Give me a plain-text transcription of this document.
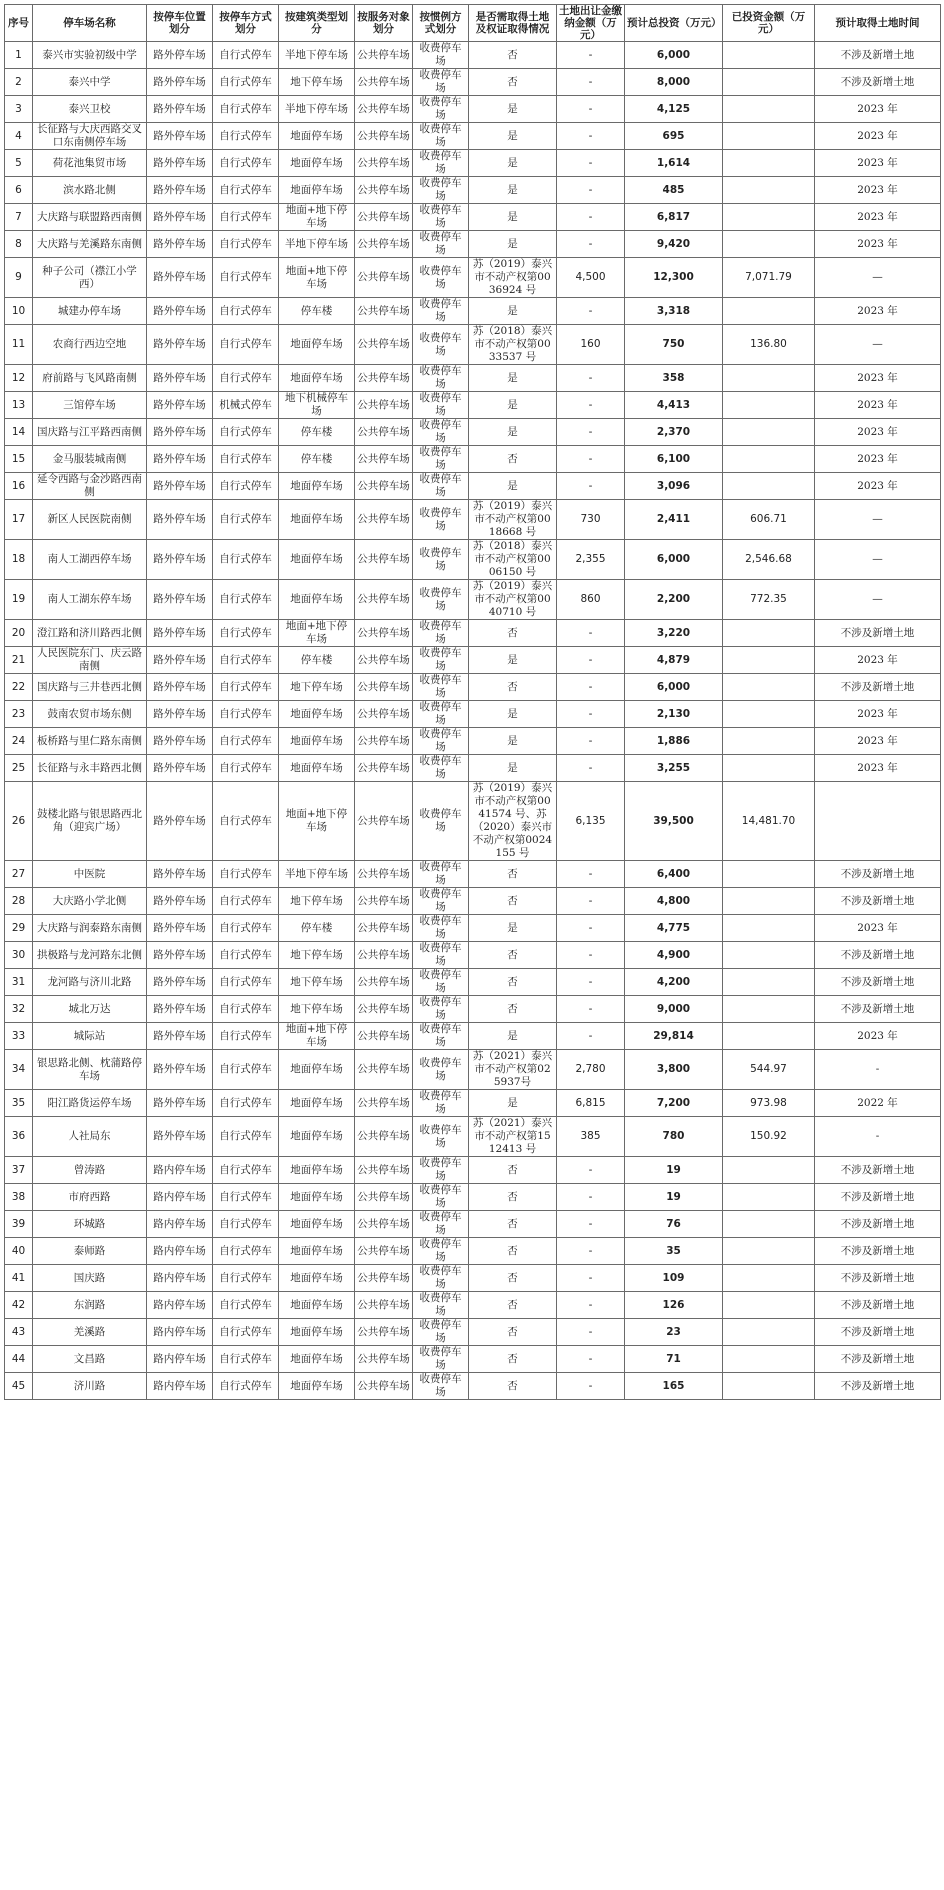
序号	停车场名称	按停车位置划分	按停车方式划分	按建筑类型划分	按服务对象划分	按惯例方式划分	是否需取得土地及权证取得情况	土地出让金缴纳金额（万元）	预计总投资（万元）	已投资金额（万元）	预计取得土地时间
1	泰兴市实验初级中学	路外停车场	自行式停车	半地下停车场	公共停车场	收费停车场	否	-	6,000		不涉及新增土地
2	泰兴中学	路外停车场	自行式停车	地下停车场	公共停车场	收费停车场	否	-	8,000		不涉及新增土地
3	泰兴卫校	路外停车场	自行式停车	半地下停车场	公共停车场	收费停车场	是	-	4,125		2023 年
4	长征路与大庆西路交叉口东南侧停车场	路外停车场	自行式停车	地面停车场	公共停车场	收费停车场	是	-	695		2023 年
5	荷花池集贸市场	路外停车场	自行式停车	地面停车场	公共停车场	收费停车场	是	-	1,614		2023 年
6	滨水路北侧	路外停车场	自行式停车	地面停车场	公共停车场	收费停车场	是	-	485		2023 年
7	大庆路与联盟路西南侧	路外停车场	自行式停车	地面+地下停车场	公共停车场	收费停车场	是	-	6,817		2023 年
8	大庆路与羌溪路东南侧	路外停车场	自行式停车	半地下停车场	公共停车场	收费停车场	是	-	9,420		2023 年
9	种子公司（襟江小学西）	路外停车场	自行式停车	地面+地下停车场	公共停车场	收费停车场	苏（2019）泰兴市不动产权第0036924 号	4,500	12,300	7,071.79	—
10	城建办停车场	路外停车场	自行式停车	停车楼	公共停车场	收费停车场	是	-	3,318		2023 年
11	农商行西边空地	路外停车场	自行式停车	地面停车场	公共停车场	收费停车场	苏（2018）泰兴市不动产权第0033537 号	160	750	136.80	—
12	府前路与飞风路南侧	路外停车场	自行式停车	地面停车场	公共停车场	收费停车场	是	-	358		2023 年
13	三馆停车场	路外停车场	机械式停车	地下机械停车场	公共停车场	收费停车场	是	-	4,413		2023 年
14	国庆路与江平路西南侧	路外停车场	自行式停车	停车楼	公共停车场	收费停车场	是	-	2,370		2023 年
15	金马服装城南侧	路外停车场	自行式停车	停车楼	公共停车场	收费停车场	否	-	6,100		2023 年
16	延令西路与金沙路西南侧	路外停车场	自行式停车	地面停车场	公共停车场	收费停车场	是	-	3,096		2023 年
17	新区人民医院南侧	路外停车场	自行式停车	地面停车场	公共停车场	收费停车场	苏（2019）泰兴市不动产权第0018668 号	730	2,411	606.71	—
18	南人工湖西停车场	路外停车场	自行式停车	地面停车场	公共停车场	收费停车场	苏（2018）泰兴市不动产权第0006150 号	2,355	6,000	2,546.68	—
19	南人工湖东停车场	路外停车场	自行式停车	地面停车场	公共停车场	收费停车场	苏（2019）泰兴市不动产权第0040710 号	860	2,200	772.35	—
20	澄江路和济川路西北侧	路外停车场	自行式停车	地面+地下停车场	公共停车场	收费停车场	否	-	3,220		不涉及新增土地
21	人民医院东门、庆云路南侧	路外停车场	自行式停车	停车楼	公共停车场	收费停车场	是	-	4,879		2023 年
22	国庆路与三井巷西北侧	路外停车场	自行式停车	地下停车场	公共停车场	收费停车场	否	-	6,000		不涉及新增土地
23	鼓南农贸市场东侧	路外停车场	自行式停车	地面停车场	公共停车场	收费停车场	是	-	2,130		2023 年
24	板桥路与里仁路东南侧	路外停车场	自行式停车	地面停车场	公共停车场	收费停车场	是	-	1,886		2023 年
25	长征路与永丰路西北侧	路外停车场	自行式停车	地面停车场	公共停车场	收费停车场	是	-	3,255		2023 年
26	鼓楼北路与银思路西北角（迎宾广场）	路外停车场	自行式停车	地面+地下停车场	公共停车场	收费停车场	苏（2019）泰兴市不动产权第0041574 号、苏（2020）泰兴市不动产权第0024155 号	6,135	39,500	14,481.70	
27	中医院	路外停车场	自行式停车	半地下停车场	公共停车场	收费停车场	否	-	6,400		不涉及新增土地
28	大庆路小学北侧	路外停车场	自行式停车	地下停车场	公共停车场	收费停车场	否	-	4,800		不涉及新增土地
29	大庆路与润泰路东南侧	路外停车场	自行式停车	停车楼	公共停车场	收费停车场	是	-	4,775		2023 年
30	拱极路与龙河路东北侧	路外停车场	自行式停车	地下停车场	公共停车场	收费停车场	否	-	4,900		不涉及新增土地
31	龙河路与济川北路	路外停车场	自行式停车	地下停车场	公共停车场	收费停车场	否	-	4,200		不涉及新增土地
32	城北万达	路外停车场	自行式停车	地下停车场	公共停车场	收费停车场	否	-	9,000		不涉及新增土地
33	城际站	路外停车场	自行式停车	地面+地下停车场	公共停车场	收费停车场	是	-	29,814		2023 年
34	银思路北侧、枕蒲路停车场	路外停车场	自行式停车	地面停车场	公共停车场	收费停车场	苏（2021）泰兴市不动产权第025937号	2,780	3,800	544.97	-
35	阳江路货运停车场	路外停车场	自行式停车	地面停车场	公共停车场	收费停车场	是	6,815	7,200	973.98	2022 年
36	人社局东	路外停车场	自行式停车	地面停车场	公共停车场	收费停车场	苏（2021）泰兴市不动产权第1512413 号	385	780	150.92	-
37	曾涛路	路内停车场	自行式停车	地面停车场	公共停车场	收费停车场	否	-	19		不涉及新增土地
38	市府西路	路内停车场	自行式停车	地面停车场	公共停车场	收费停车场	否	-	19		不涉及新增土地
39	环城路	路内停车场	自行式停车	地面停车场	公共停车场	收费停车场	否	-	76		不涉及新增土地
40	泰师路	路内停车场	自行式停车	地面停车场	公共停车场	收费停车场	否	-	35		不涉及新增土地
41	国庆路	路内停车场	自行式停车	地面停车场	公共停车场	收费停车场	否	-	109		不涉及新增土地
42	东润路	路内停车场	自行式停车	地面停车场	公共停车场	收费停车场	否	-	126		不涉及新增土地
43	羌溪路	路内停车场	自行式停车	地面停车场	公共停车场	收费停车场	否	-	23		不涉及新增土地
44	文昌路	路内停车场	自行式停车	地面停车场	公共停车场	收费停车场	否	-	71		不涉及新增土地
45	济川路	路内停车场	自行式停车	地面停车场	公共停车场	收费停车场	否	-	165		不涉及新增土地
